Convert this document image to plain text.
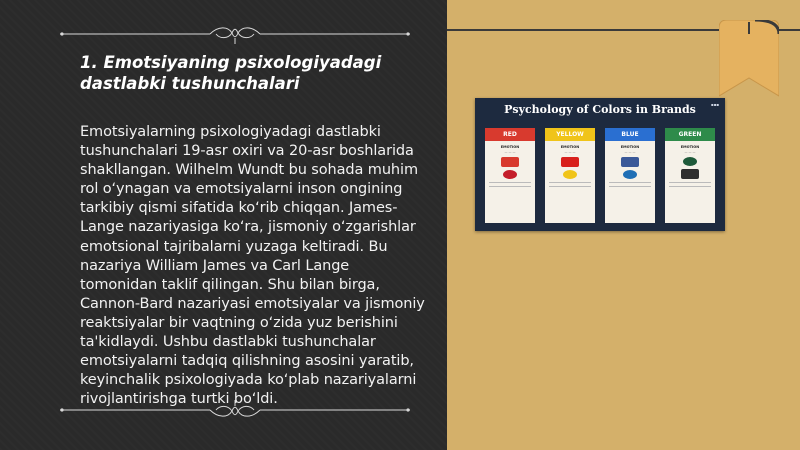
1. Emotsiyaning psixologiyadagi
dastlabki tushunchalari
Emotsiyalarning psixologiyadagi dastlabki tushunchalari 19-asr oxiri va 20-asr boshlarida shakllangan. Wilhelm Wundt bu sohada muhim rol o‘ynagan va emotsiyalarni inson ongining tarkibiy qismi sifatida ko‘rib chiqqan. James-Lange nazariyasiga ko‘ra, jismoniy o‘zgarishlar emotsional tajribalarni yuzaga keltiradi. Bu nazariya William James va Carl Lange tomonidan taklif qilingan. Shu bilan birga, Cannon-Bard nazariyasi emotsiyalar va jismoniy reaktsiyalar bir vaqtning o‘zida yuz berishini ta'kidlaydi. Ushbu dastlabki tushunchalar emotsiyalarni tadqiq qilishning asosini yaratib, keyinchalik psixologiyada ko‘plab nazariyalarni rivojlantirishga turtki bo‘ldi.
Psychology of Colors in Brands	▪▪▪
RED
EMOTION
— — —
YELLOW
EMOTION
— — —
BLUE
EMOTION
— — —
GREEN
EMOTION
— — —
